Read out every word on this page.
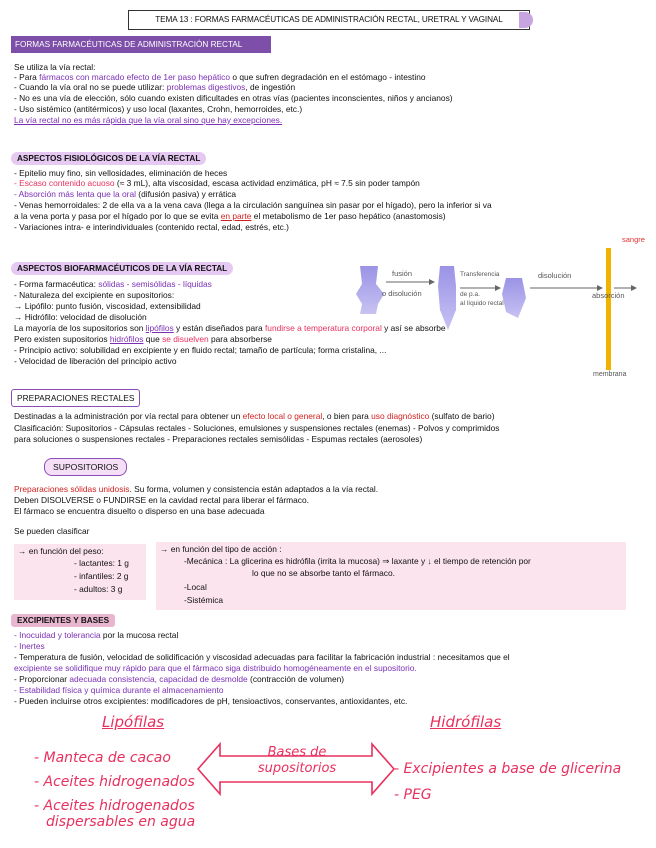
TEMA 13 : FORMAS FARMACÉUTICAS DE ADMINISTRACIÓN RECTAL, URETRAL Y VAGINAL
FORMAS FARMACÉUTICAS DE ADMINISTRACIÓN RECTAL
Se utiliza la vía rectal:
- Para fármacos con marcado efecto de 1er paso hepático o que sufren degradación en el estómago - intestino
- Cuando la vía oral no se puede utilizar: problemas digestivos, de ingestión
- No es una vía de elección, sólo cuando existen dificultades en otras vías (pacientes inconscientes, niños y ancianos)
- Uso sistémico (antitérmicos) y uso local (laxantes, Crohn, hemorroides, etc.)
La vía rectal no es más rápida que la vía oral sino que hay excepciones.
ASPECTOS FISIOLÓGICOS DE LA VÍA RECTAL
- Epitelio muy fino, sin vellosidades, eliminación de heces
- Escaso contenido acuoso (≈ 3 mL), alta viscosidad, escasa actividad enzimática, pH ≈ 7.5 sin poder tampón
- Absorción más lenta que la oral (difusión pasiva) y errática
- Venas hemorroidales: 2 de ella va a la vena cava (llega a la circulación sanguínea sin pasar por el hígado), pero la inferior si va
a la vena porta y pasa por el hígado por lo que se evita en parte el metabolismo de 1er paso hepático (anastomosis)
- Variaciones intra- e interindividuales (contenido rectal, edad, estrés, etc.)
ASPECTOS BIOFARMACÉUTICOS DE LA VÍA RECTAL
- Forma farmacéutica: sólidas - semisólidas - líquidas
- Naturaleza del excipiente en supositorios:
→ Lipófilo: punto fusión, viscosidad, extensibilidad
→ Hidrófilo: velocidad de disolución
La mayoría de los supositorios son lipófilos y están diseñados para fundirse a temperatura corporal y así se absorbe
Pero existen supositorios hidrófilos que se disuelven para absorberse
- Principio activo: solubilidad en excipiente y en fluido rectal; tamaño de partícula; forma cristalina, ...
- Velocidad de liberación del principio activo
fusión
o disolución
Transferencia
de p.a.
al líquido rectal
disolución
absorción
sangre
membrana
PREPARACIONES RECTALES
Destinadas a la administración por vía rectal para obtener un efecto local o general, o bien para uso diagnóstico (sulfato de bario)
Clasificación: Supositorios - Cápsulas rectales - Soluciones, emulsiones y suspensiones rectales (enemas) - Polvos y comprimidos
para soluciones o suspensiones rectales - Preparaciones rectales semisólidas - Espumas rectales (aerosoles)
SUPOSITORIOS
Preparaciones sólidas unidosis. Su forma, volumen y consistencia están adaptados a la vía rectal.
Deben DISOLVERSE o FUNDIRSE en la cavidad rectal para liberar el fármaco.
El fármaco se encuentra disuelto o disperso en una base adecuada
Se pueden clasificar
→ en función del peso:
- lactantes: 1 g
- infantiles: 2 g
- adultos: 3 g
→ en función del tipo de acción :
-Mecánica : La glicerina es hidrófila (irrita la mucosa) ⇒ laxante y ↓ el tiempo de retención por
lo que no se absorbe tanto el fármaco.
-Local
-Sistémica
EXCIPIENTES Y BASES
- Inocuidad y tolerancia por la mucosa rectal
- Inertes
- Temperatura de fusión, velocidad de solidificación y viscosidad adecuadas para facilitar la fabricación industrial : necesitamos que el
excipiente se solidifique muy rápido para que el fármaco siga distribuido homogéneamente en el supositorio.
- Proporcionar adecuada consistencia, capacidad de desmolde (contracción de volumen)
- Estabilidad física y química durante el almacenamiento
- Pueden incluirse otros excipientes: modificadores de pH, tensioactivos, conservantes, antioxidantes, etc.
Lipófilas	Hidrófilas
Bases de
supositorios
- Manteca de cacao
- Aceites hidrogenados
- Aceites hidrogenados
dispersables en agua
- Excipientes a base de glicerina
- PEG
